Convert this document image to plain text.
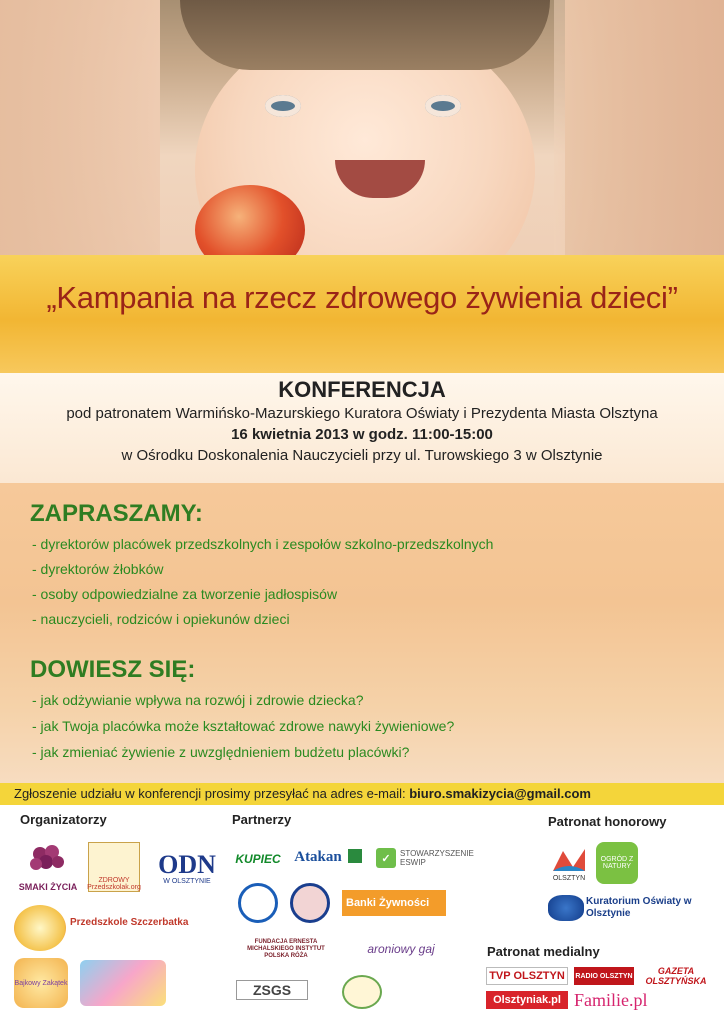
„Kampania na rzecz zdrowego żywienia dzieci”
KONFERENCJA
pod patronatem Warmińsko-Mazurskiego Kuratora Oświaty i Prezydenta Miasta Olsztyna
16 kwietnia 2013 w godz. 11:00-15:00
w Ośrodku Doskonalenia Nauczycieli przy ul. Turowskiego 3 w Olsztynie
ZAPRASZAMY:
- dyrektorów placówek przedszkolnych i zespołów szkolno-przedszkolnych
- dyrektorów żłobków
- osoby odpowiedzialne za tworzenie jadłospisów
- nauczycieli, rodziców i opiekunów dzieci
DOWIESZ SIĘ:
- jak odżywianie wpływa na rozwój i zdrowie dziecka?
- jak Twoja placówka może kształtować zdrowe nawyki żywieniowe?
- jak zmieniać żywienie z uwzględnieniem budżetu placówki?
Zgłoszenie udziału w konferencji prosimy przesyłać na adres e-mail: biuro.smakizycia@gmail.com
Organizatorzy	Partnerzy	Patronat honorowy
Patronat medialny
SMAKI ŻYCIA
ZDROWY Przedszkolak.org
ODN
W OLSZTYNIE
Przedszkole Szczerbatka
Bajkowy Zakątek
KUPIEC Atakan	✓	STOWARZYSZENIE ESWIP
Banki Żywności
FUNDACJA ERNESTA MICHALSKIEGO INSTYTUT POLSKA RÓŻA	aroniowy gaj
ZSGS
OLSZTYN
OGRÓD Z NATURY
Kuratorium Oświaty w Olsztynie
TVP OLSZTYN	RADIO OLSZTYN	GAZETA OLSZTYŃSKA
Olsztyniak.pl Familie.pl
